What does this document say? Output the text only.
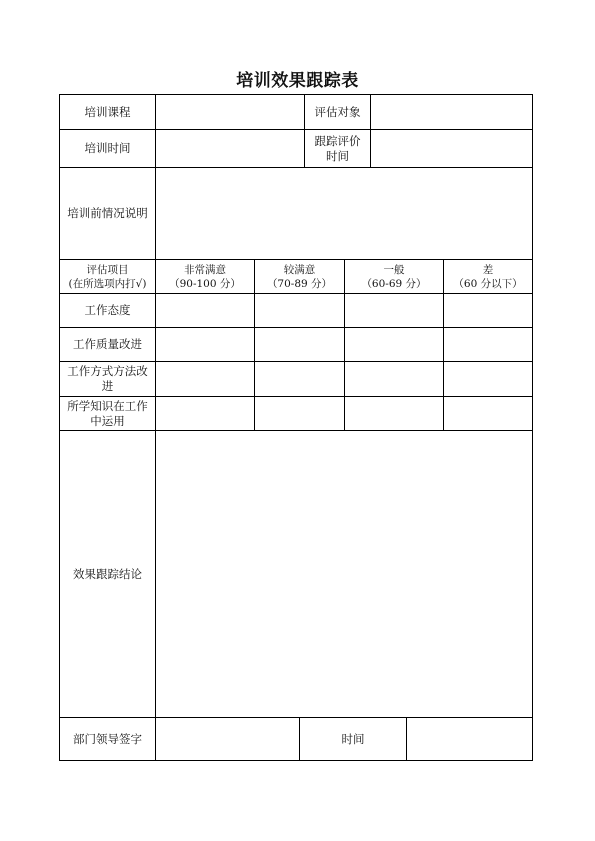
培训效果跟踪表
培训课程	评估对象
培训时间
跟踪评价
时间
培训前情况说明
评估项目
(在所选项内打√)
非常满意
（90-100 分）
较满意
（70-89 分）
一般
（60-69 分）
差
（60 分以下）
工作态度
工作质量改进
工作方式方法改
进
所学知识在工作
中运用
效果跟踪结论
部门领导签字	时间
